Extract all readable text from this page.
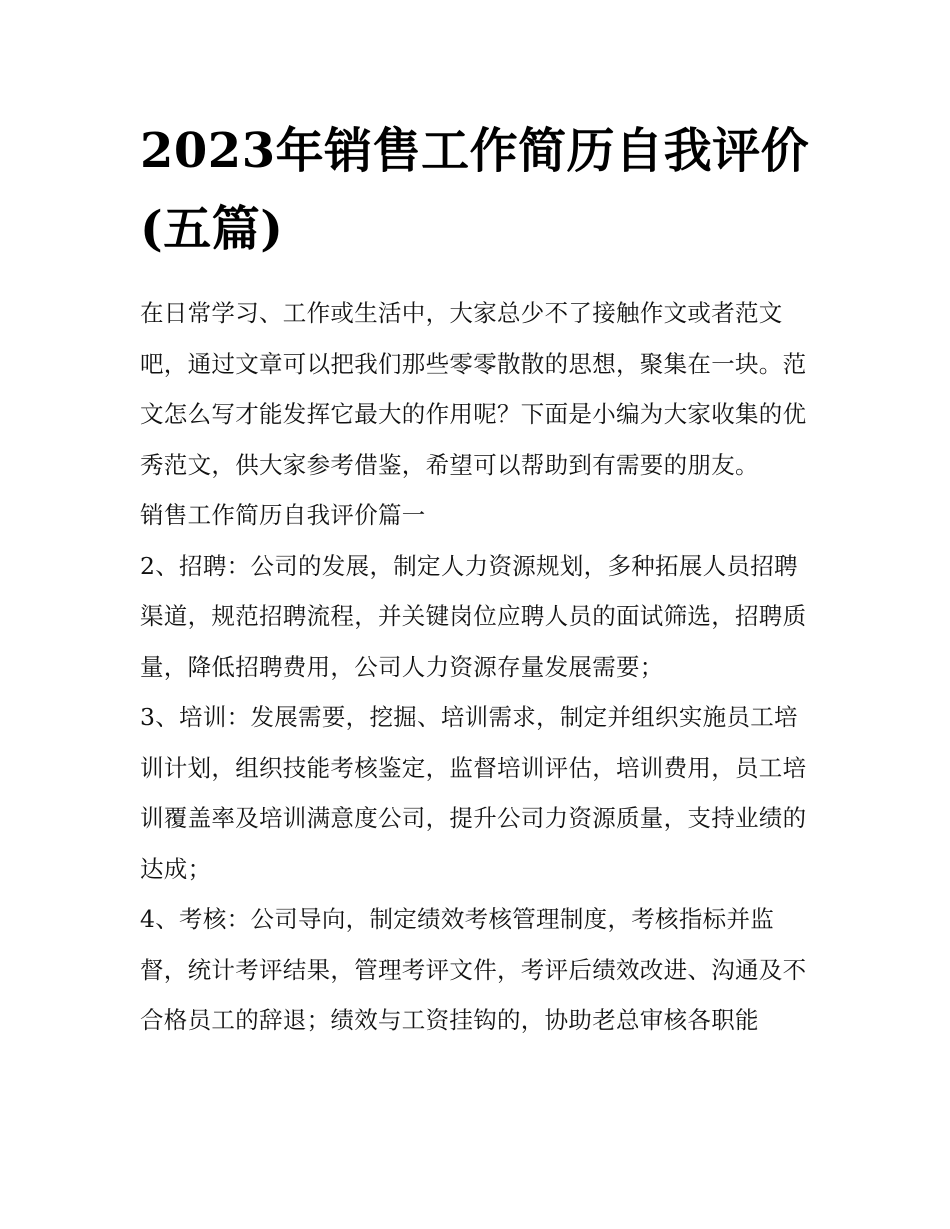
2023年销售工作简历自我评价(五篇)

在日常学习、工作或生活中，大家总少不了接触作文或者范文吧，通过文章可以把我们那些零零散散的思想，聚集在一块。范文怎么写才能发挥它最大的作用呢？下面是小编为大家收集的优秀范文，供大家参考借鉴，希望可以帮助到有需要的朋友。

销售工作简历自我评价篇一

2、招聘：公司的发展，制定人力资源规划，多种拓展人员招聘渠道，规范招聘流程，并关键岗位应聘人员的面试筛选，招聘质量，降低招聘费用，公司人力资源存量发展需要；

3、培训：发展需要，挖掘、培训需求，制定并组织实施员工培训计划，组织技能考核鉴定，监督培训评估，培训费用，员工培训覆盖率及培训满意度公司，提升公司力资源质量，支持业绩的达成；

4、考核：公司导向，制定绩效考核管理制度，考核指标并监督，统计考评结果，管理考评文件，考评后绩效改进、沟通及不合格员工的辞退；绩效与工资挂钩的，协助老总审核各职能
